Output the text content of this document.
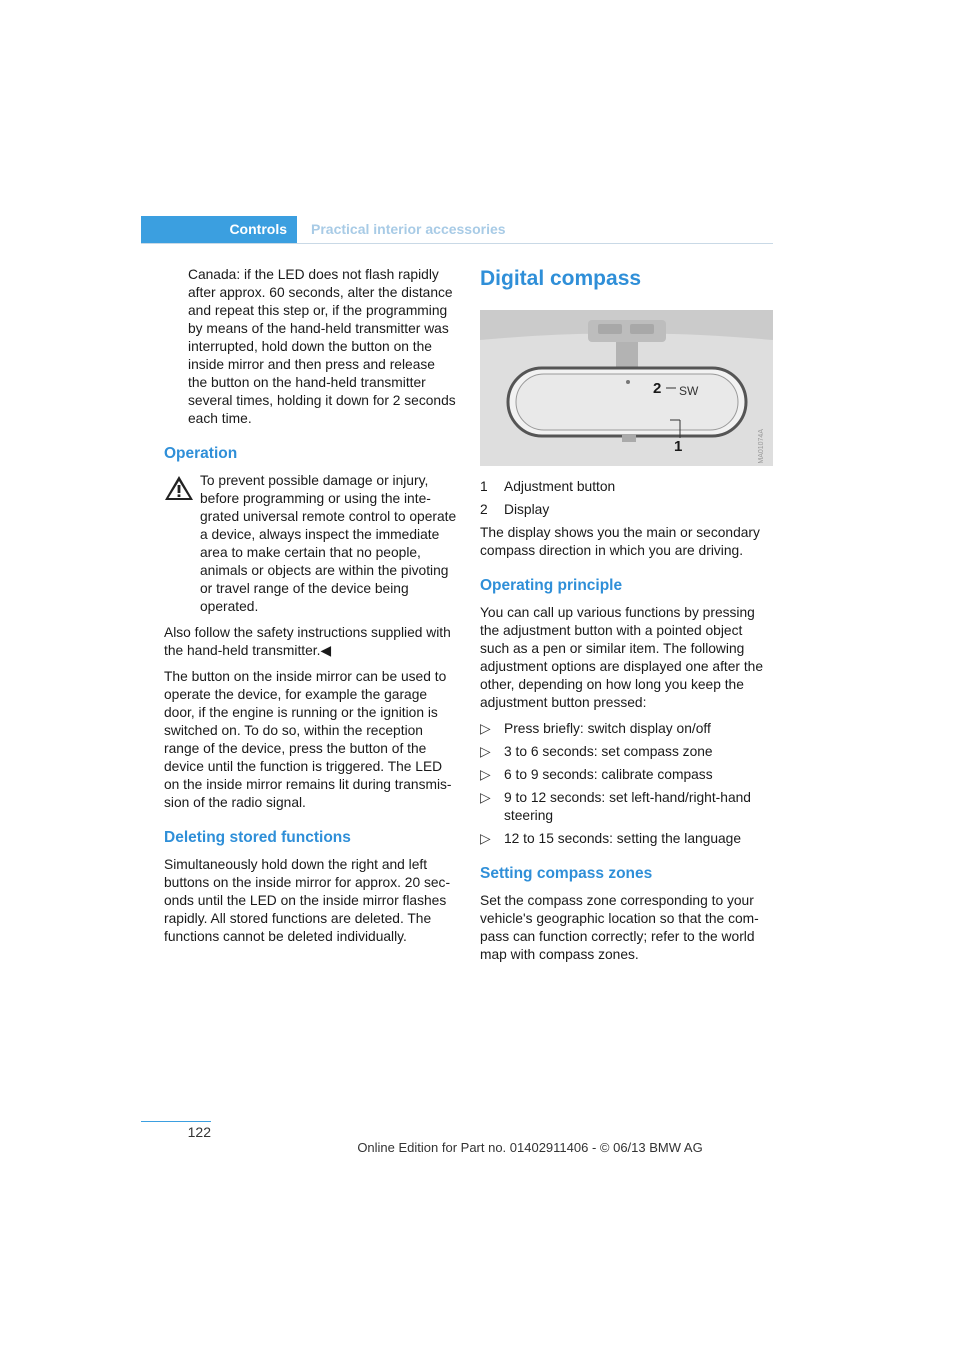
Controls	Practical interior accessories

Canada: if the LED does not flash rapidly after approx. 60 seconds, alter the distance and repeat this step or, if the programming by means of the hand-held transmitter was interrupted, hold down the button on the inside mirror and then press and release the button on the hand-held transmitter several times, holding it down for 2 seconds each time.

Operation

To prevent possible damage or injury, before programming or using the inte-grated universal remote control to operate a device, always inspect the immediate area to make certain that no people, animals or objects are within the pivoting or travel range of the device being operated.

Also follow the safety instructions supplied with the hand-held transmitter.◀

The button on the inside mirror can be used to operate the device, for example the garage door, if the engine is running or the ignition is switched on. To do so, within the reception range of the device, press the button of the device until the function is triggered. The LED on the inside mirror remains lit during transmis-sion of the radio signal.

Deleting stored functions

Simultaneously hold down the right and left buttons on the inside mirror for approx. 20 sec-onds until the LED on the inside mirror flashes rapidly. All stored functions are deleted. The functions cannot be deleted individually.

Digital compass
2 SW
1	MA01074A
1	Adjustment button
2	Display

The display shows you the main or secondary compass direction in which you are driving.

Operating principle

You can call up various functions by pressing the adjustment button with a pointed object such as a pen or similar item. The following adjustment options are displayed one after the other, depending on how long you keep the adjustment button pressed:

▷ Press briefly: switch display on/off
▷ 3 to 6 seconds: set compass zone
▷ 6 to 9 seconds: calibrate compass
▷ 9 to 12 seconds: set left-hand/right-hand steering
▷ 12 to 15 seconds: setting the language
Setting compass zones

Set the compass zone corresponding to your vehicle's geographic location so that the com-pass can function correctly; refer to the world map with compass zones.

122
Online Edition for Part no. 01402911406 - © 06/13 BMW AG
